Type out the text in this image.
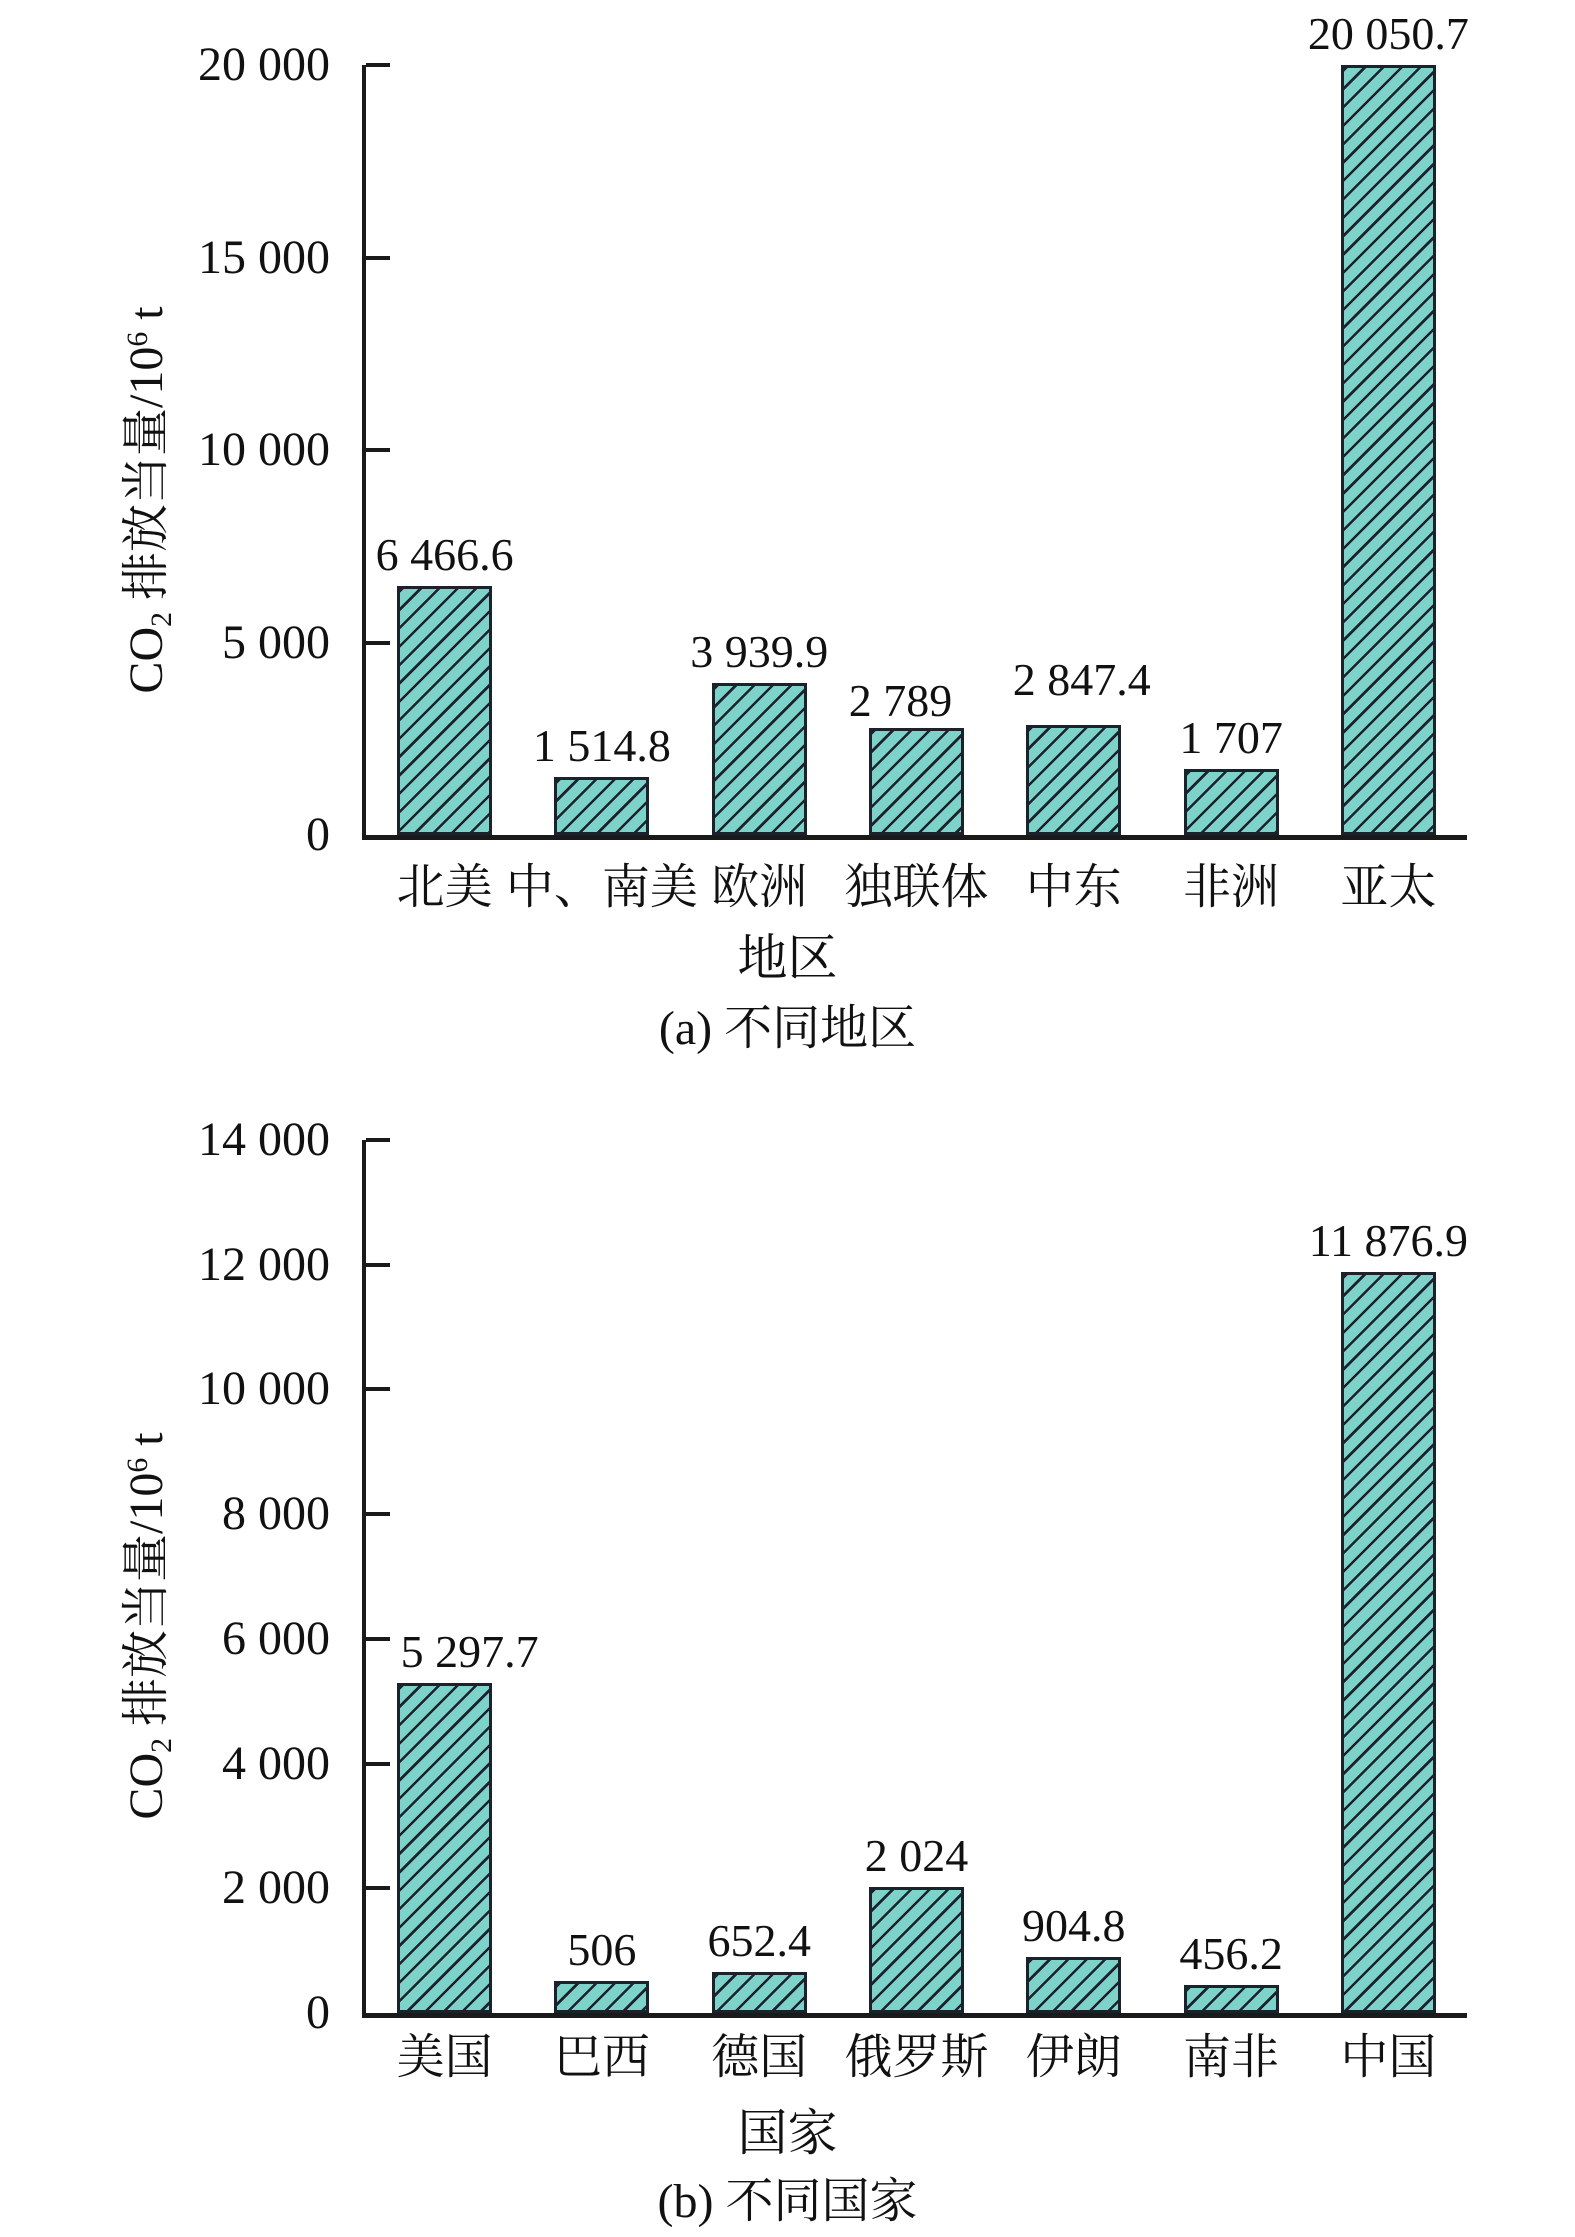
$CO_2$ 排放当量$/10^6$ t
地区
(a) 不同地区
$CO_2$ 排放当量$/10^6$ t
国家
(b) 不同国家
0
5 000
10 000
15 000
20 000
6 466.6
北美
1 514.8
中、南美
3 939.9
欧洲
2 789
独联体
2 847.4
中东
1 707
非洲
20 050.7
亚太
0
2 000
4 000
6 000
8 000
10 000
12 000
14 000
5 297.7
美国
506
巴西
652.4
德国
2 024
俄罗斯
904.8
伊朗
456.2
南非
11 876.9
中国
